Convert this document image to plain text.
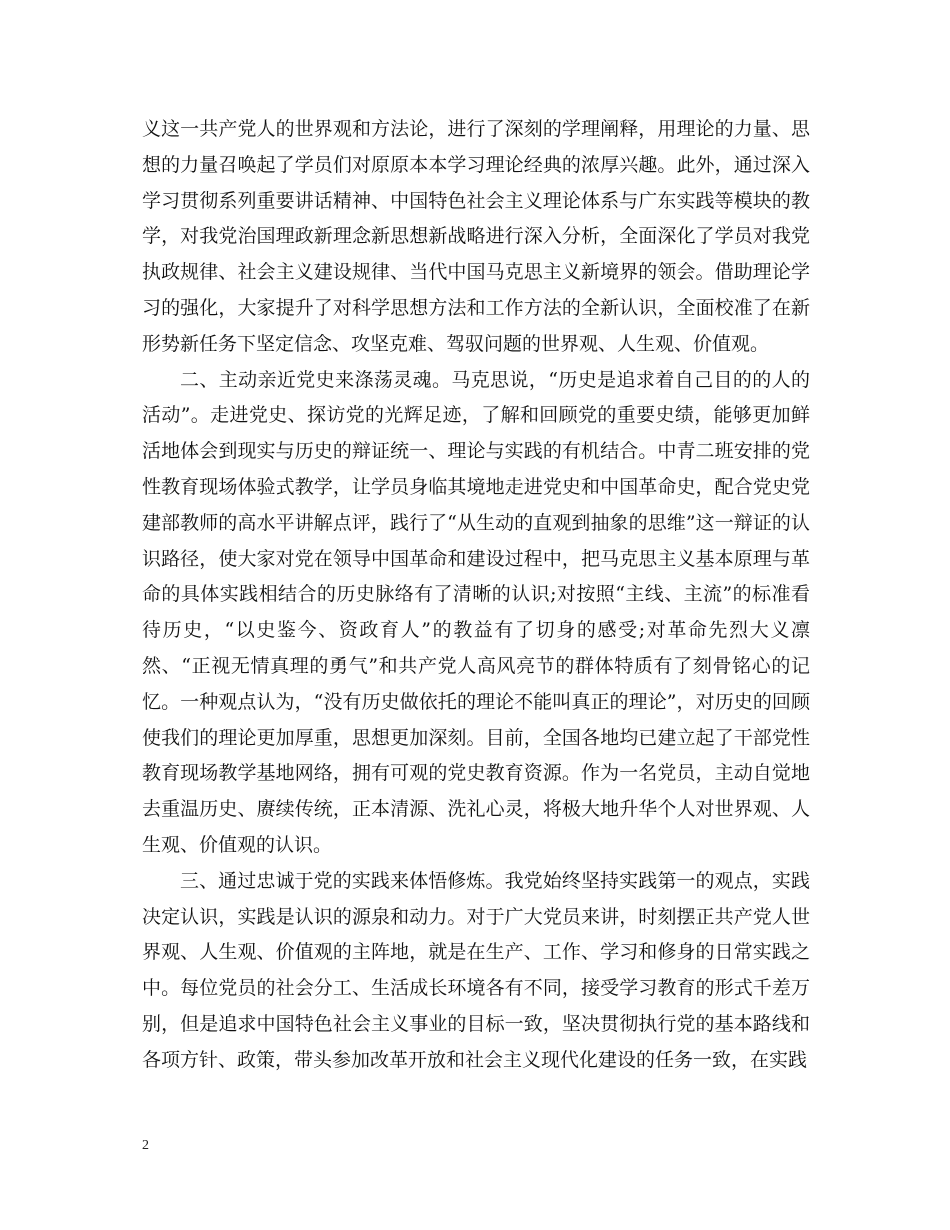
义这一共产党人的世界观和方法论，进行了深刻的学理阐释，用理论的力量、思想的力量召唤起了学员们对原原本本学习理论经典的浓厚兴趣。此外，通过深入学习贯彻系列重要讲话精神、中国特色社会主义理论体系与广东实践等模块的教学，对我党治国理政新理念新思想新战略进行深入分析，全面深化了学员对我党执政规律、社会主义建设规律、当代中国马克思主义新境界的领会。借助理论学习的强化，大家提升了对科学思想方法和工作方法的全新认识，全面校准了在新形势新任务下坚定信念、攻坚克难、驾驭问题的世界观、人生观、价值观。

二、主动亲近党史来涤荡灵魂。马克思说，“历史是追求着自己目的的人的活动”。走进党史、探访党的光辉足迹，了解和回顾党的重要史绩，能够更加鲜活地体会到现实与历史的辩证统一、理论与实践的有机结合。中青二班安排的党性教育现场体验式教学，让学员身临其境地走进党史和中国革命史，配合党史党建部教师的高水平讲解点评，践行了“从生动的直观到抽象的思维”这一辩证的认识路径，使大家对党在领导中国革命和建设过程中，把马克思主义基本原理与革命的具体实践相结合的历史脉络有了清晰的认识;对按照“主线、主流”的标准看待历史，“以史鉴今、资政育人”的教益有了切身的感受;对革命先烈大义凛然、“正视无情真理的勇气”和共产党人高风亮节的群体特质有了刻骨铭心的记忆。一种观点认为，“没有历史做依托的理论不能叫真正的理论”，对历史的回顾使我们的理论更加厚重，思想更加深刻。目前，全国各地均已建立起了干部党性教育现场教学基地网络，拥有可观的党史教育资源。作为一名党员，主动自觉地去重温历史、赓续传统，正本清源、洗礼心灵，将极大地升华个人对世界观、人生观、价值观的认识。

三、通过忠诚于党的实践来体悟修炼。我党始终坚持实践第一的观点，实践决定认识，实践是认识的源泉和动力。对于广大党员来讲，时刻摆正共产党人世界观、人生观、价值观的主阵地，就是在生产、工作、学习和修身的日常实践之中。每位党员的社会分工、生活成长环境各有不同，接受学习教育的形式千差万别，但是追求中国特色社会主义事业的目标一致，坚决贯彻执行党的基本路线和各项方针、政策，带头参加改革开放和社会主义现代化建设的任务一致，在实践

2
